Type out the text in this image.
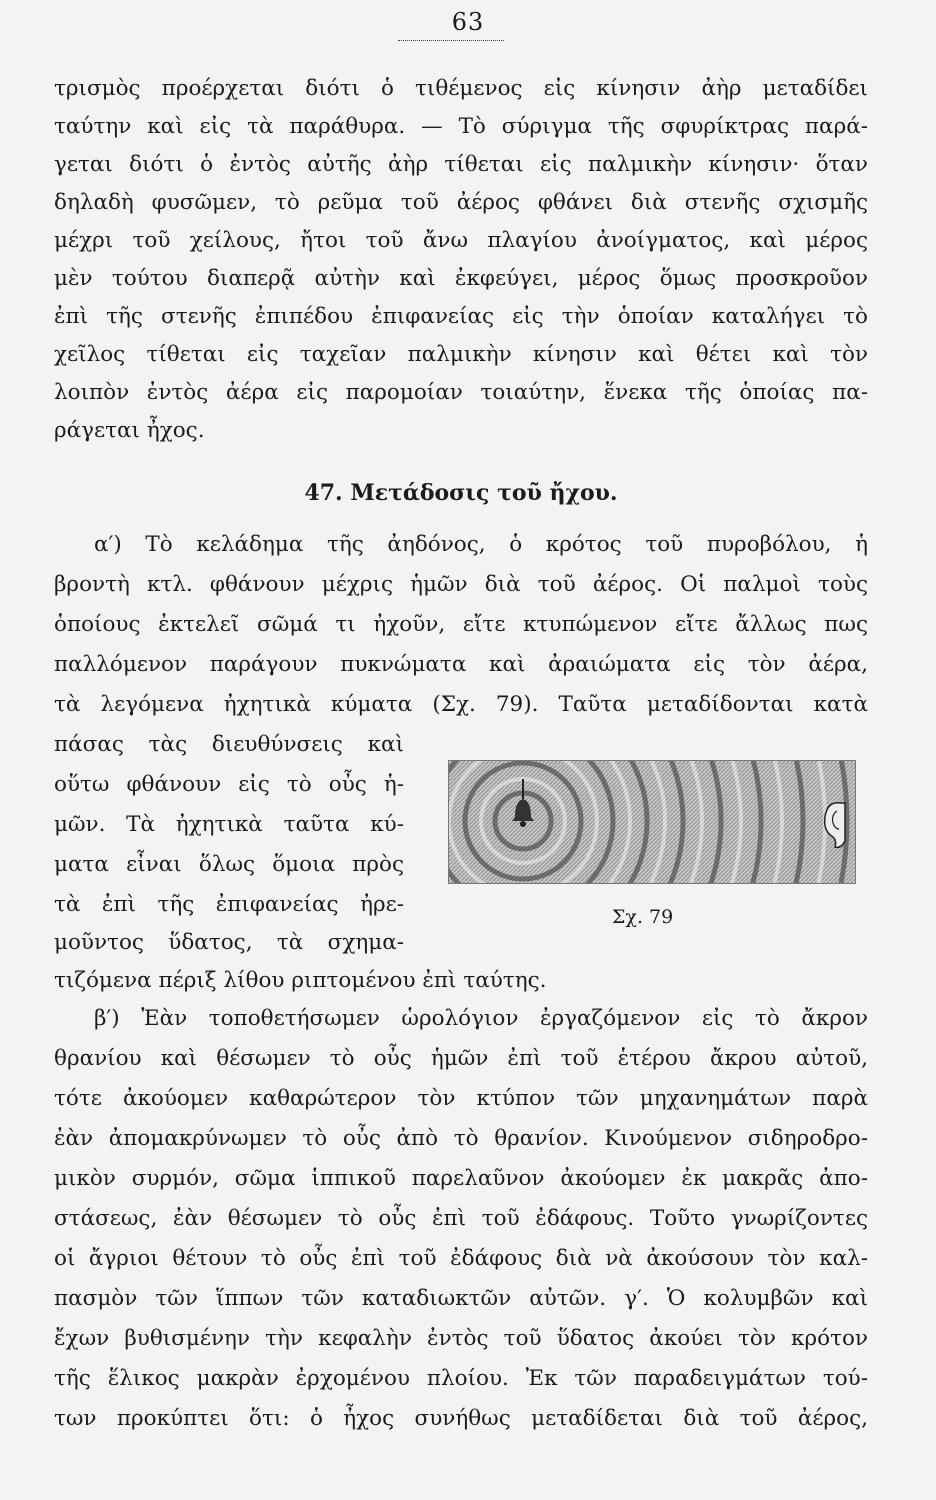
63
τρισμὸς προέρχεται διότι ὁ τιθέμενος εἰς κίνησιν ἀὴρ μεταδίδει
ταύτην καὶ εἰς τὰ παράθυρα. — Τὸ σύριγμα τῆς σφυρίκτρας παρά-
γεται διότι ὁ ἐντὸς αὐτῆς ἀὴρ τίθεται εἰς παλμικὴν κίνησιν· ὅταν
δηλαδὴ φυσῶμεν, τὸ ρεῦμα τοῦ ἀέρος φθάνει διὰ στενῆς σχισμῆς
μέχρι τοῦ χείλους, ἤτοι τοῦ ἄνω πλαγίου ἀνοίγματος, καὶ μέρος
μὲν τούτου διαπερᾷ αὐτὴν καὶ ἐκφεύγει, μέρος ὅμως προσκροῦον
ἐπὶ τῆς στενῆς ἐπιπέδου ἐπιφανείας εἰς τὴν ὁποίαν καταλήγει τὸ
χεῖλος τίθεται εἰς ταχεῖαν παλμικὴν κίνησιν καὶ θέτει καὶ τὸν
λοιπὸν ἐντὸς ἀέρα εἰς παρομοίαν τοιαύτην, ἕνεκα τῆς ὁποίας πα-
ράγεται ἦχος.
47. Μετάδοσις τοῦ ἤχου.
α′) Τὸ κελάδημα τῆς ἀηδόνος, ὁ κρότος τοῦ πυροβόλου, ἡ
βροντὴ κτλ. φθάνουν μέχρις ἡμῶν διὰ τοῦ ἀέρος. Οἱ παλμοὶ τοὺς
ὁποίους ἐκτελεῖ σῶμά τι ἠχοῦν, εἴτε κτυπώμενον εἴτε ἄλλως πως
παλλόμενον παράγουν πυκνώματα καὶ ἀραιώματα εἰς τὸν ἀέρα,
τὰ λεγόμενα ἠχητικὰ κύματα (Σχ. 79). Ταῦτα μεταδίδονται κατὰ
πάσας τὰς διευθύνσεις καὶ
οὕτω φθάνουν εἰς τὸ οὖς ἡ-
μῶν. Τὰ ἠχητικὰ ταῦτα κύ-
ματα εἶναι ὅλως ὅμοια πρὸς
τὰ ἐπὶ τῆς ἐπιφανείας ἠρε-
μοῦντος ὕδατος, τὰ σχημα-
τιζόμενα πέριξ λίθου ριπτομένου ἐπὶ ταύτης.
β′) Ἐὰν τοποθετήσωμεν ὡρολόγιον ἐργαζόμενον εἰς τὸ ἄκρον
θρανίου καὶ θέσωμεν τὸ οὖς ἡμῶν ἐπὶ τοῦ ἑτέρου ἄκρου αὐτοῦ,
τότε ἀκούομεν καθαρώτερον τὸν κτύπον τῶν μηχανημάτων παρὰ
ἐὰν ἀπομακρύνωμεν τὸ οὖς ἀπὸ τὸ θρανίον. Κινούμενον σιδηροδρο-
μικὸν συρμόν, σῶμα ἱππικοῦ παρελαῦνον ἀκούομεν ἐκ μακρᾶς ἀπο-
στάσεως, ἐὰν θέσωμεν τὸ οὖς ἐπὶ τοῦ ἐδάφους. Τοῦτο γνωρίζοντες
οἱ ἄγριοι θέτουν τὸ οὖς ἐπὶ τοῦ ἐδάφους διὰ νὰ ἀκούσουν τὸν καλ-
πασμὸν τῶν ἵππων τῶν καταδιωκτῶν αὐτῶν. γ′. Ὁ κολυμβῶν καὶ
ἔχων βυθισμένην τὴν κεφαλὴν ἐντὸς τοῦ ὕδατος ἀκούει τὸν κρότον
τῆς ἕλικος μακρὰν ἐρχομένου πλοίου. Ἐκ τῶν παραδειγμάτων τού-
των προκύπτει ὅτι: ὁ ἦχος συνήθως μεταδίδεται διὰ τοῦ ἀέρος,
Σχ. 79
